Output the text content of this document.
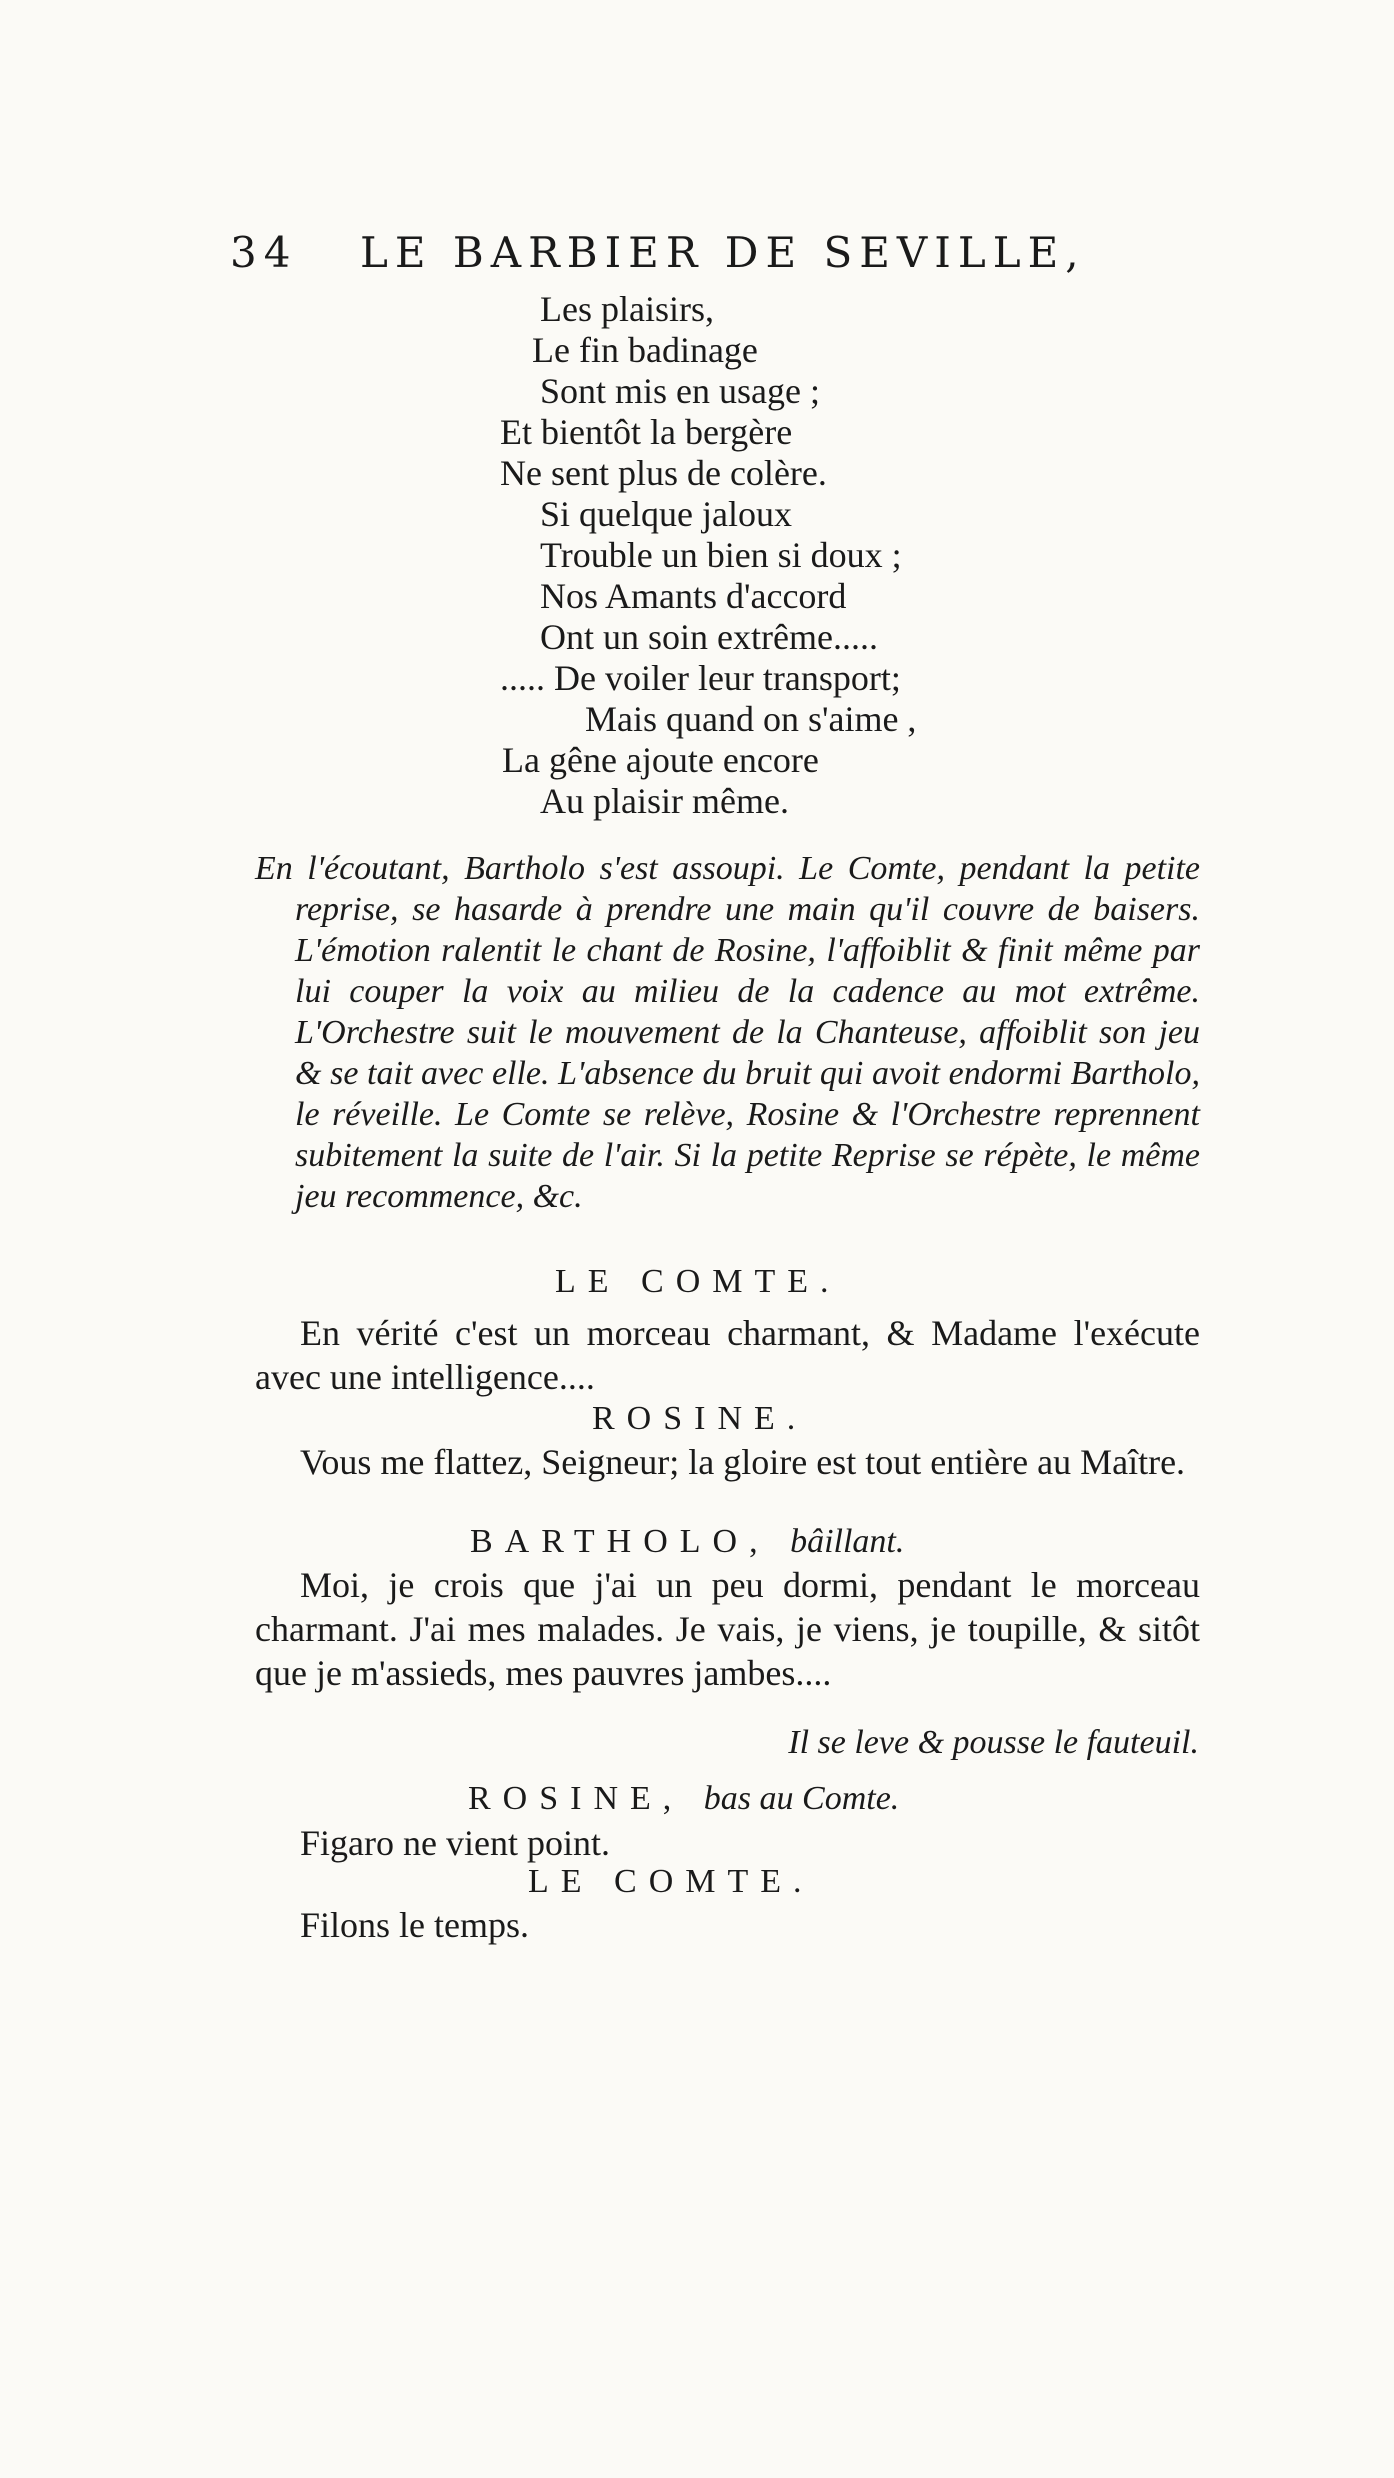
34 LE BARBIER DE SEVILLE,
Les plaisirs,
Le fin badinage
Sont mis en usage ;
Et bientôt la bergère
Ne sent plus de colère.
Si quelque jaloux
Trouble un bien si doux ;
Nos Amants d'accord
Ont un soin extrême.....
..... De voiler leur transport;
Mais quand on s'aime ,
La gêne ajoute encore
Au plaisir même.

En l'écoutant, Bartholo s'est assoupi. Le Comte, pendant la petite reprise, se hasarde à prendre une main qu'il couvre de baisers. L'émotion ralentit le chant de Rosine, l'affoiblit & finit même par lui couper la voix au milieu de la cadence au mot extrême. L'Orchestre suit le mouvement de la Chanteuse, affoiblit son jeu & se tait avec elle. L'absence du bruit qui avoit endormi Bartholo, le réveille. Le Comte se relève, Rosine & l'Orchestre reprennent subitement la suite de l'air. Si la petite Reprise se répète, le même jeu recommence, &c.

LE COMTE.

En vérité c'est un morceau charmant, & Madame l'exécute avec une intelligence....

ROSINE.

Vous me flattez, Seigneur; la gloire est tout entière au Maître.

BARTHOLO, bâillant.

Moi, je crois que j'ai un peu dormi, pendant le morceau charmant. J'ai mes malades. Je vais, je viens, je toupille, & sitôt que je m'assieds, mes pauvres jambes....

Il se leve & pousse le fauteuil.
ROSINE, bas au Comte.

Figaro ne vient point.

LE COMTE.

Filons le temps.
